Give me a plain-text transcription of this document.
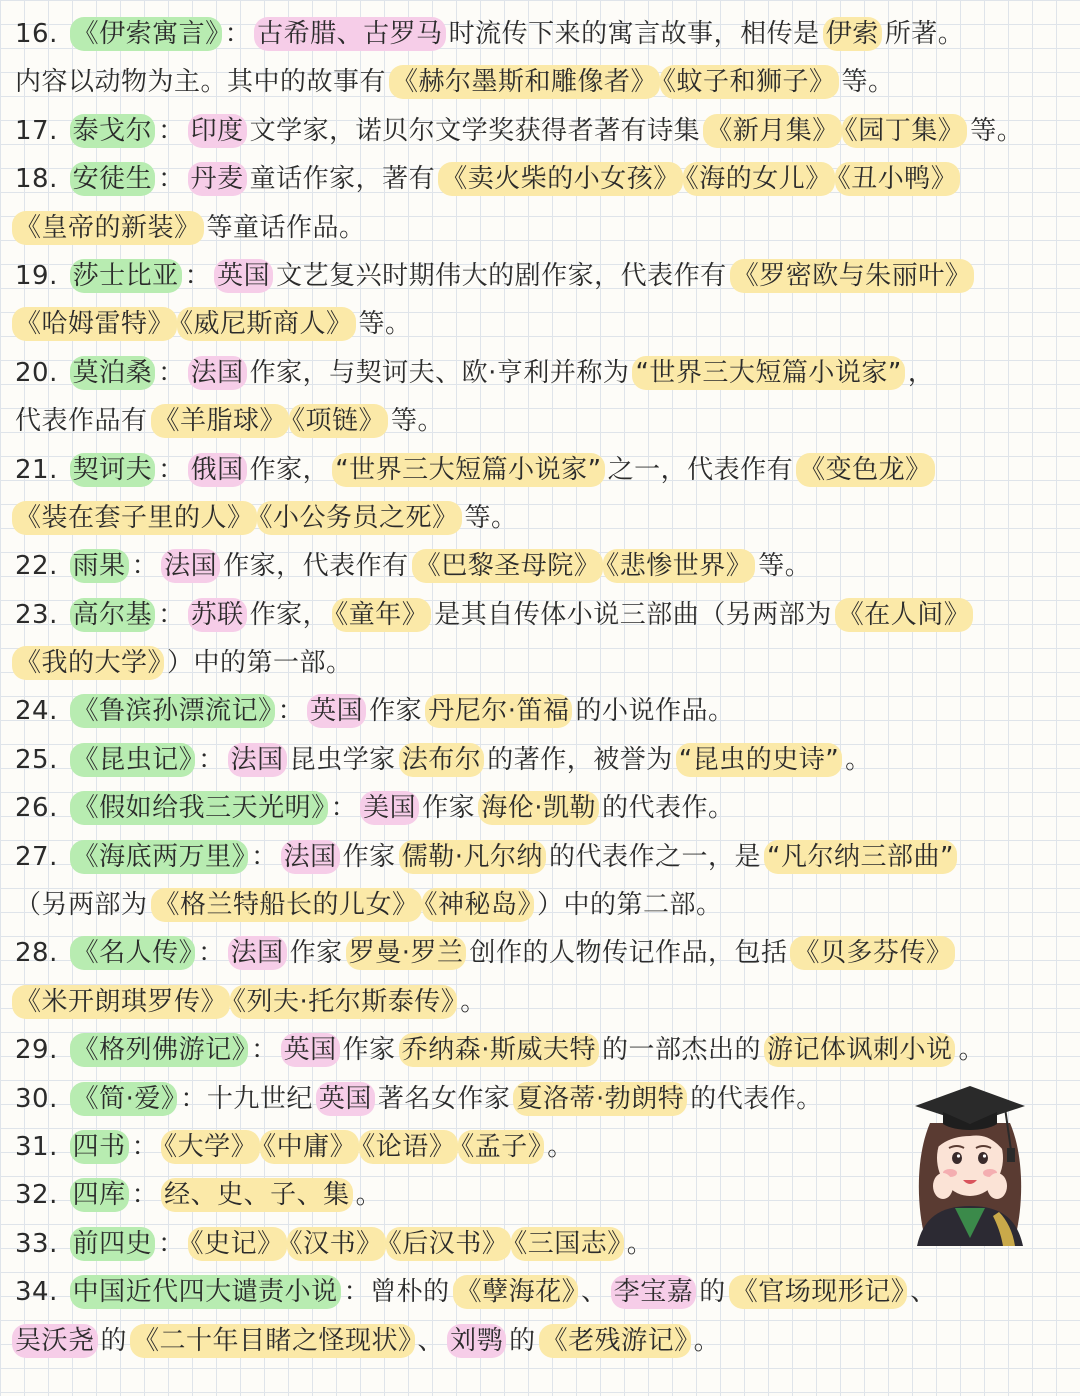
16. 《伊索寓言》 ： 古希腊、古罗马 时流传下来的寓言故事，相传是 伊索 所著。
内容以动物为主。其中的故事有 《赫尔墨斯和雕像者》 《蚊子和狮子》 等。
17. 泰戈尔 ： 印度 文学家，诺贝尔文学奖获得者著有诗集 《新月集》 《园丁集》 等。
18. 安徒生 ： 丹麦 童话作家，著有 《卖火柴的小女孩》 《海的女儿》 《丑小鸭》
《皇帝的新装》 等童话作品。
19. 莎士比亚 ： 英国 文艺复兴时期伟大的剧作家，代表作有 《罗密欧与朱丽叶》
《哈姆雷特》 《威尼斯商人》 等。
20. 莫泊桑 ： 法国 作家，与契诃夫、欧·亨利并称为 “世界三大短篇小说家” ，
代表作品有 《羊脂球》 《项链》 等。
21. 契诃夫 ： 俄国 作家， “世界三大短篇小说家” 之一，代表作有 《变色龙》
《装在套子里的人》 《小公务员之死》 等。
22. 雨果 ： 法国 作家，代表作有 《巴黎圣母院》 《悲惨世界》 等。
23. 高尔基 ： 苏联 作家， 《童年》 是其自传体小说三部曲（另两部为 《在人间》
《我的大学》 ）中的第一部。
24. 《鲁滨孙漂流记》 ： 英国 作家 丹尼尔·笛福 的小说作品。
25. 《昆虫记》 ： 法国 昆虫学家 法布尔 的著作，被誉为 “昆虫的史诗” 。
26. 《假如给我三天光明》 ： 美国 作家 海伦·凯勒 的代表作。
27. 《海底两万里》 ： 法国 作家 儒勒·凡尔纳 的代表作之一，是 “凡尔纳三部曲”
（另两部为 《格兰特船长的儿女》 《神秘岛》 ）中的第二部。
28. 《名人传》 ： 法国 作家 罗曼·罗兰 创作的人物传记作品，包括 《贝多芬传》
《米开朗琪罗传》 《列夫·托尔斯泰传》 。
29. 《格列佛游记》 ： 英国 作家 乔纳森·斯威夫特 的一部杰出的 游记体讽刺小说 。
30. 《简·爱》 ：十九世纪 英国 著名女作家 夏洛蒂·勃朗特 的代表作。
31. 四书 ： 《大学》 《中庸》 《论语》 《孟子》 。
32. 四库 ： 经、史、子、集 。
33. 前四史 ： 《史记》 《汉书》 《后汉书》 《三国志》 。
34. 中国近代四大谴责小说 ：曾朴的 《孽海花》 、 李宝嘉 的 《官场现形记》 、
吴沃尧 的 《二十年目睹之怪现状》 、 刘鹗 的 《老残游记》 。
